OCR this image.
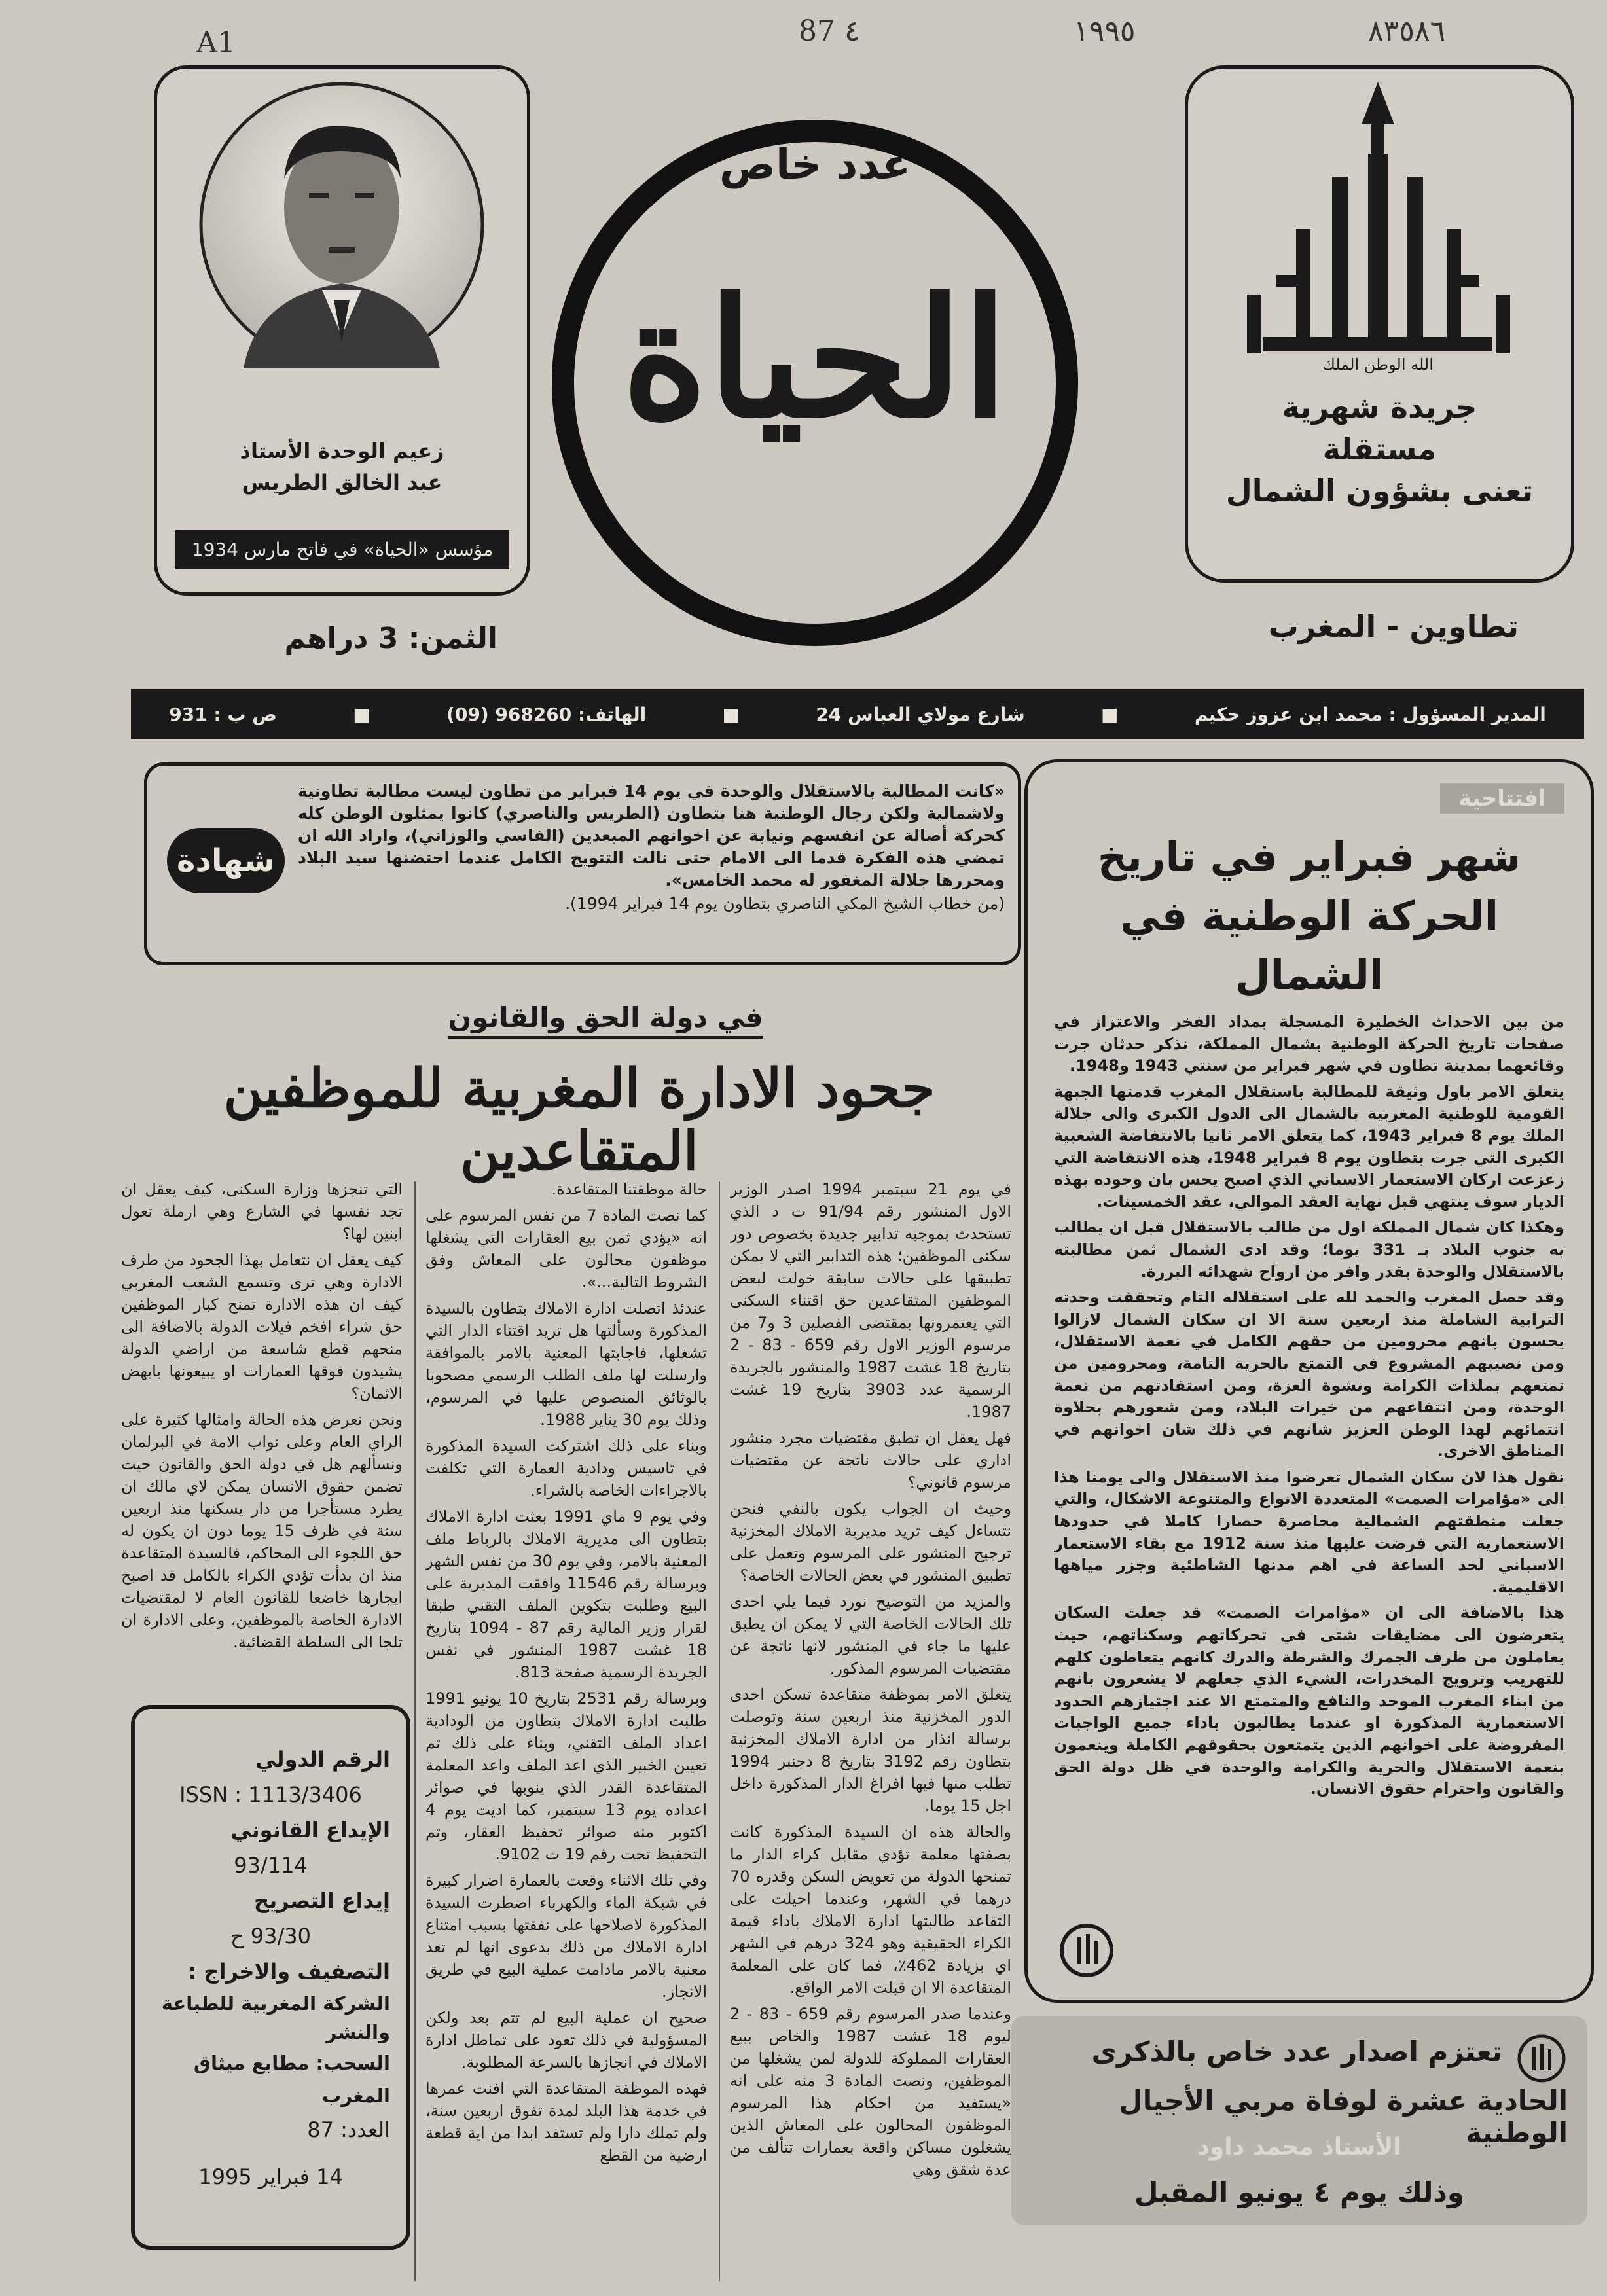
٨٣٥٨٦
١٩٩٥
87 ٤
A1
الله الوطن الملك
جريدة شهرية
مستقلة
تعنى بشؤون الشمال
تطاوين - المغرب
عدد خاص
الحياة
زعيم الوحدة الأستاذ
عبد الخالق الطريس
مؤسس «الحياة» في فاتح مارس 1934
الثمن: 3 دراهم
المدير المسؤول : محمد ابن عزوز حكيم
■
شارع مولاي العباس 24
■
الهاتف: 968260 (09)
■
ص ب : 931
«كانت المطالبة بالاستقلال والوحدة في يوم 14 فبراير من تطاون ليست مطالبة تطاونية ولاشمالية ولكن رجال الوطنية هنا بتطاون (الطريس والناصري) كانوا يمثلون الوطن كله كحركة أصالة عن انفسهم ونيابة عن اخوانهم المبعدين (الفاسي والوزاني)، واراد الله ان تمضي هذه الفكرة قدما الى الامام حتى نالت التتويج الكامل عندما احتضنها سيد البلاد ومحررها جلالة المغفور له محمد الخامس».
(من خطاب الشيخ المكي الناصري بتطاون يوم 14 فبراير 1994).
شهادة
افتتاحية
شهر فبراير في تاريخ
الحركة الوطنية في الشمال

من بين الاحداث الخطيرة المسجلة بمداد الفخر والاعتزاز في صفحات تاريخ الحركة الوطنية بشمال المملكة، نذكر حدثان جرت وقائعهما بمدينة تطاون في شهر فبراير من سنتي 1943 و1948.

يتعلق الامر باول وثيقة للمطالبة باستقلال المغرب قدمتها الجبهة القومية للوطنية المغربية بالشمال الى الدول الكبرى والى جلالة الملك يوم 8 فبراير 1943، كما يتعلق الامر ثانيا بالانتفاضة الشعبية الكبرى التي جرت بتطاون يوم 8 فبراير 1948، هذه الانتفاضة التي زعزعت اركان الاستعمار الاسباني الذي اصبح يحس بان وجوده بهذه الديار سوف ينتهي قبل نهاية العقد الموالي، عقد الخمسينات.

وهكذا كان شمال المملكة اول من طالب بالاستقلال قبل ان يطالب به جنوب البلاد بـ 331 يوما؛ وقد ادى الشمال ثمن مطالبته بالاستقلال والوحدة بقدر وافر من ارواح شهدائه البررة.

وقد حصل المغرب والحمد لله على استقلاله التام وتحققت وحدته الترابية الشاملة منذ اربعين سنة الا ان سكان الشمال لازالوا يحسون بانهم محرومين من حقهم الكامل في نعمة الاستقلال، ومن نصيبهم المشروع في التمتع بالحرية التامة، ومحرومين من تمتعهم بملذات الكرامة ونشوة العزة، ومن استفادتهم من نعمة الوحدة، ومن انتفاعهم من خيرات البلاد، ومن شعورهم بحلاوة انتمائهم لهذا الوطن العزيز شانهم في ذلك شان اخوانهم في المناطق الاخرى.

نقول هذا لان سكان الشمال تعرضوا منذ الاستقلال والى يومنا هذا الى «مؤامرات الصمت» المتعددة الانواع والمتنوعة الاشكال، والتي جعلت منطقتهم الشمالية محاصرة حصارا كاملا في حدودها الاستعمارية التي فرضت عليها منذ سنة 1912 مع بقاء الاستعمار الاسباني لحد الساعة في اهم مدنها الشاطئية وجزر مياهها الاقليمية.

هذا بالاضافة الى ان «مؤامرات الصمت» قد جعلت السكان يتعرضون الى مضايقات شتى في تحركاتهم وسكناتهم، حيث يعاملون من طرف الجمرك والشرطة والدرك كانهم يتعاطون كلهم للتهريب وترويج المخدرات، الشيء الذي جعلهم لا يشعرون بانهم من ابناء المغرب الموحد والنافع والمتمتع الا عند اجتيازهم الحدود الاستعمارية المذكورة او عندما يطالبون باداء جميع الواجبات المفروضة على اخوانهم الذين يتمتعون بحقوقهم الكاملة وينعمون بنعمة الاستقلال والحرية والكرامة والوحدة في ظل دولة الحق والقانون واحترام حقوق الانسان.

تعتزم اصدار عدد خاص بالذكرى
الحادية عشرة لوفاة مربي الأجيال الوطنية
الأستاذ محمد داود
وذلك يوم ٤ يونيو المقبل
في دولة الحق والقانون
جحود الادارة المغربية للموظفين المتقاعدين

في يوم 21 سبتمبر 1994 اصدر الوزير الاول المنشور رقم 91/94 ت د الذي تستحدث بموجبه تدابير جديدة بخصوص دور سكنى الموظفين؛ هذه التدابير التي لا يمكن تطبيقها على حالات سابقة خولت لبعض الموظفين المتقاعدين حق اقتناء السكنى التي يعتمرونها بمقتضى الفصلين 3 و7 من مرسوم الوزير الاول رقم 659 - 83 - 2 بتاريخ 18 غشت 1987 والمنشور بالجريدة الرسمية عدد 3903 بتاريخ 19 غشت 1987.

فهل يعقل ان تطبق مقتضيات مجرد منشور اداري على حالات ناتجة عن مقتضيات مرسوم قانوني؟

وحيث ان الجواب يكون بالنفي فنحن نتساءل كيف تريد مديرية الاملاك المخزنية ترجيح المنشور على المرسوم وتعمل على تطبيق المنشور في بعض الحالات الخاصة؟

والمزيد من التوضيح نورد فيما يلي احدى تلك الحالات الخاصة التي لا يمكن ان يطبق عليها ما جاء في المنشور لانها ناتجة عن مقتضيات المرسوم المذكور.

يتعلق الامر بموظفة متقاعدة تسكن احدى الدور المخزنية منذ اربعين سنة وتوصلت برسالة انذار من ادارة الاملاك المخزنية بتطاون رقم 3192 بتاريخ 8 دجنبر 1994 تطلب منها فيها افراغ الدار المذكورة داخل اجل 15 يوما.

والحالة هذه ان السيدة المذكورة كانت بصفتها معلمة تؤدي مقابل كراء الدار ما تمنحها الدولة من تعويض السكن وقدره 70 درهما في الشهر، وعندما احيلت على التقاعد طالبتها ادارة الاملاك باداء قيمة الكراء الحقيقية وهو 324 درهم في الشهر اي بزيادة 462٪، فما كان على المعلمة المتقاعدة الا ان قبلت الامر الواقع.

وعندما صدر المرسوم رقم 659 - 83 - 2 ليوم 18 غشت 1987 والخاص ببيع العقارات المملوكة للدولة لمن يشغلها من الموظفين، ونصت المادة 3 منه على انه «يستفيد من احكام هذا المرسوم الموظفون المحالون على المعاش الذين يشغلون مساكن واقعة بعمارات تتألف من عدة شقق وهي

حالة موظفتنا المتقاعدة.

كما نصت المادة 7 من نفس المرسوم على انه «يؤدي ثمن بيع العقارات التي يشغلها موظفون محالون على المعاش وفق الشروط التالية...».

عندئذ اتصلت ادارة الاملاك بتطاون بالسيدة المذكورة وسألتها هل تريد اقتناء الدار التي تشغلها، فاجابتها المعنية بالامر بالموافقة وارسلت لها ملف الطلب الرسمي مصحوبا بالوثائق المنصوص عليها في المرسوم، وذلك يوم 30 يناير 1988.

وبناء على ذلك اشتركت السيدة المذكورة في تاسيس ودادية العمارة التي تكلفت بالاجراءات الخاصة بالشراء.

وفي يوم 9 ماي 1991 بعثت ادارة الاملاك بتطاون الى مديرية الاملاك بالرباط ملف المعنية بالامر، وفي يوم 30 من نفس الشهر وبرسالة رقم 11546 وافقت المديرية على البيع وطلبت بتكوين الملف التقني طبقا لقرار وزير المالية رقم 87 - 1094 بتاريخ 18 غشت 1987 المنشور في نفس الجريدة الرسمية صفحة 813.

وبرسالة رقم 2531 بتاريخ 10 يونيو 1991 طلبت ادارة الاملاك بتطاون من الودادية اعداد الملف التقني، وبناء على ذلك تم تعيين الخبير الذي اعد الملف واعد المعلمة المتقاعدة القدر الذي ينوبها في صوائر اعداده يوم 13 سبتمبر، كما اديت يوم 4 اكتوبر منه صوائر تحفيظ العقار، وتم التحفيظ تحت رقم 19 ت 9102.

وفي تلك الاثناء وقعت بالعمارة اضرار كبيرة في شبكة الماء والكهرباء اضطرت السيدة المذكورة لاصلاحها على نفقتها بسبب امتناع ادارة الاملاك من ذلك بدعوى انها لم تعد معنية بالامر مادامت عملية البيع في طريق الانجاز.

صحيح ان عملية البيع لم تتم بعد ولكن المسؤولية في ذلك تعود على تماطل ادارة الاملاك في انجازها بالسرعة المطلوبة.

فهذه الموظفة المتقاعدة التي افنت عمرها في خدمة هذا البلد لمدة تفوق اربعين سنة، ولم تملك دارا ولم تستفد ابدا من اية قطعة ارضية من القطع

التي تنجزها وزارة السكنى، كيف يعقل ان تجد نفسها في الشارع وهي ارملة تعول ابنين لها؟

كيف يعقل ان نتعامل بهذا الجحود من طرف الادارة وهي ترى وتسمع الشعب المغربي كيف ان هذه الادارة تمنح كبار الموظفين حق شراء افخم فيلات الدولة بالاضافة الى منحهم قطع شاسعة من اراضي الدولة يشيدون فوقها العمارات او يبيعونها بابهض الاثمان؟

ونحن نعرض هذه الحالة وامثالها كثيرة على الراي العام وعلى نواب الامة في البرلمان ونسألهم هل في دولة الحق والقانون حيث تضمن حقوق الانسان يمكن لاي مالك ان يطرد مستأجرا من دار يسكنها منذ اربعين سنة في ظرف 15 يوما دون ان يكون له حق اللجوء الى المحاكم، فالسيدة المتقاعدة منذ ان بدأت تؤدي الكراء بالكامل قد اصبح ايجارها خاضعا للقانون العام لا لمقتضيات الادارة الخاصة بالموظفين، وعلى الادارة ان تلجا الى السلطة القضائية.

الرقم الدولي
ISSN : 1113/3406
الإيداع القانوني
93/114
إيداع التصريح
93/30 ح
التصفيف والاخراج :
الشركة المغربية للطباعة والنشر
السحب: مطابع ميثاق المغرب
العدد: 87
14 فبراير 1995
